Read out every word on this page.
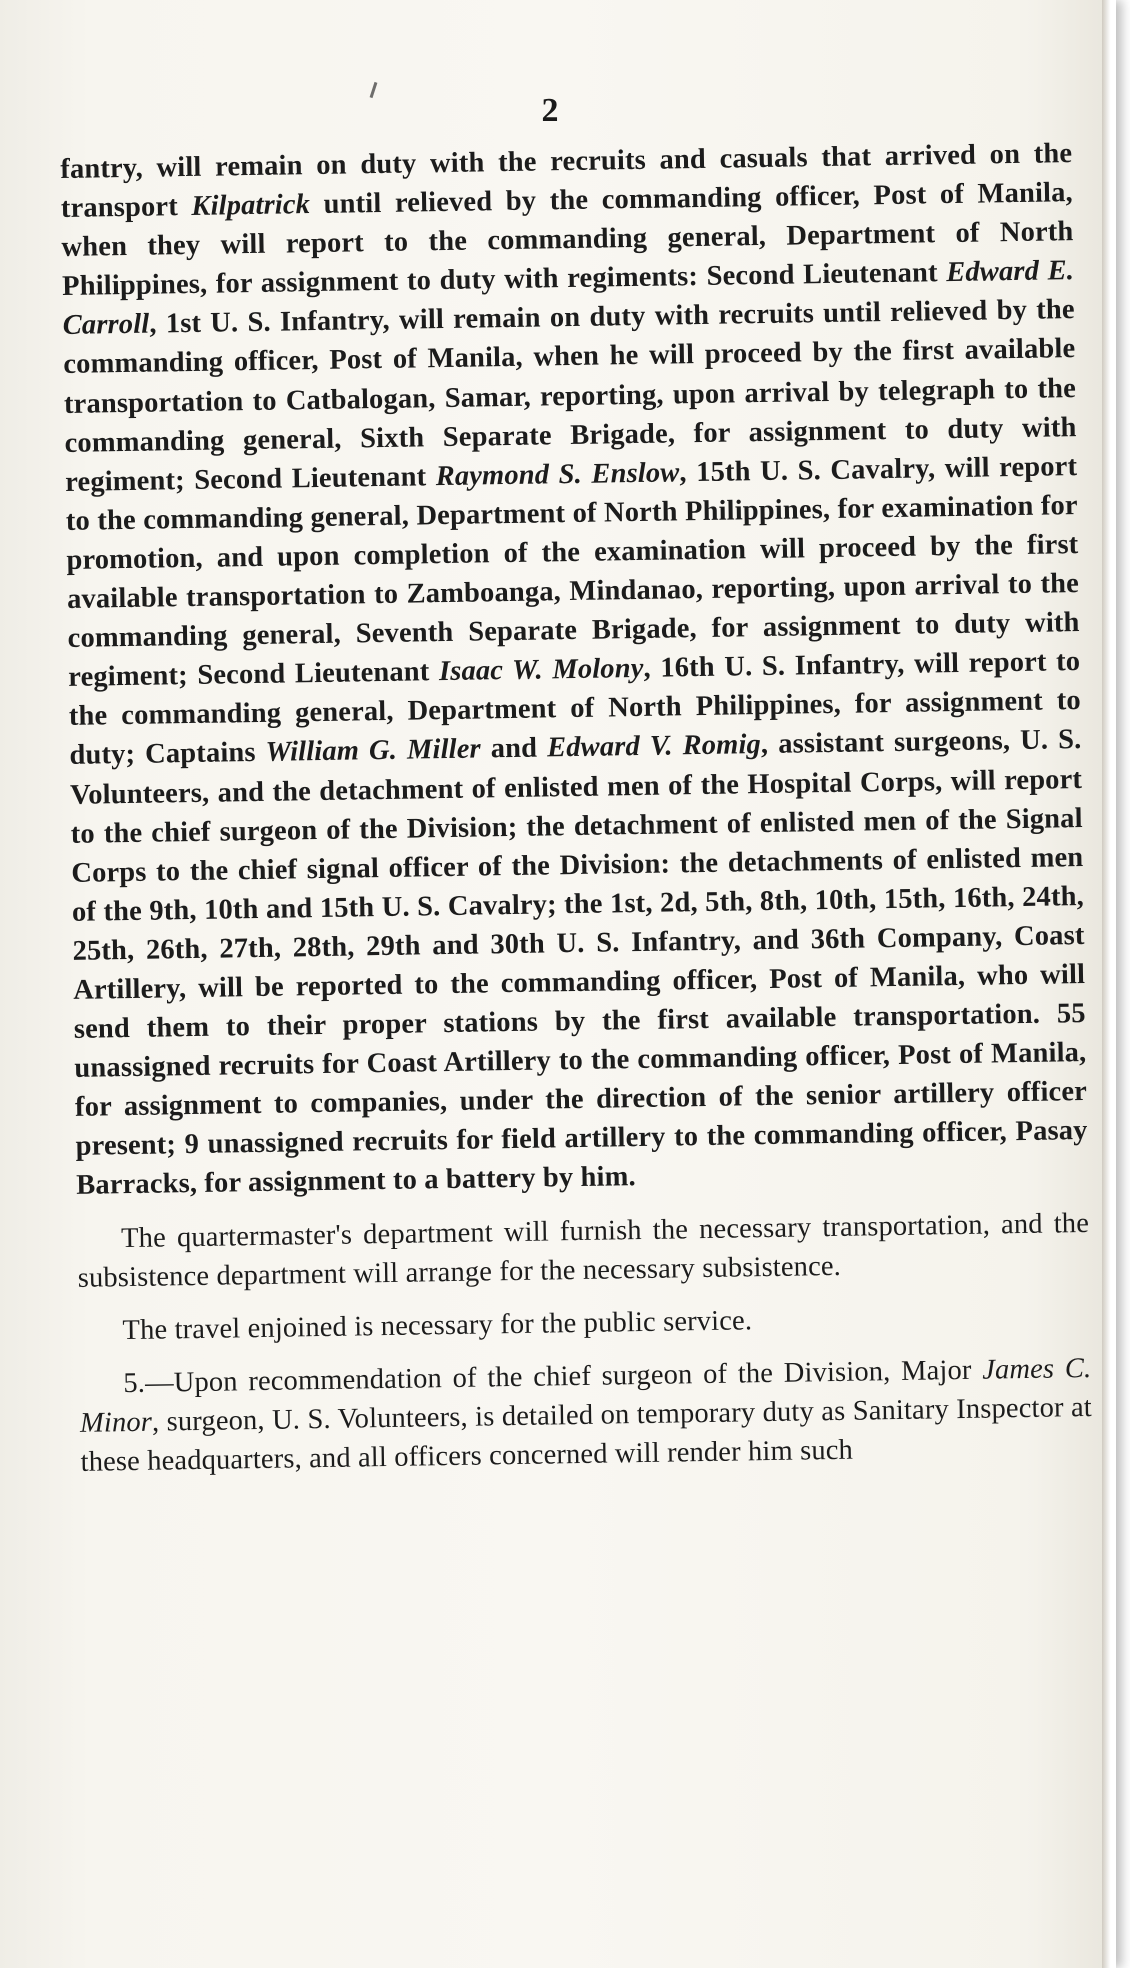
2

fantry, will remain on duty with the recruits and casuals that arrived on the transport Kilpatrick until relieved by the commanding officer, Post of Manila, when they will report to the commanding general, Department of North Philippines, for assignment to duty with regiments: Second Lieutenant Edward E. Carroll, 1st U. S. Infantry, will remain on duty with recruits until relieved by the commanding officer, Post of Manila, when he will proceed by the first available transportation to Catbalogan, Samar, reporting, upon arrival by telegraph to the commanding general, Sixth Separate Brigade, for assignment to duty with regiment; Second Lieutenant Raymond S. Enslow, 15th U. S. Cavalry, will report to the commanding general, Department of North Philippines, for examination for promotion, and upon completion of the examination will proceed by the first available transportation to Zamboanga, Mindanao, reporting, upon arrival to the commanding general, Seventh Separate Brigade, for assignment to duty with regiment; Second Lieutenant Isaac W. Molony, 16th U. S. Infantry, will report to the commanding general, Department of North Philippines, for assignment to duty; Captains William G. Miller and Edward V. Romig, assistant surgeons, U. S. Volunteers, and the detachment of enlisted men of the Hospital Corps, will report to the chief surgeon of the Division; the detachment of enlisted men of the Signal Corps to the chief signal officer of the Division: the detachments of enlisted men of the 9th, 10th and 15th U. S. Cavalry; the 1st, 2d, 5th, 8th, 10th, 15th, 16th, 24th, 25th, 26th, 27th, 28th, 29th and 30th U. S. Infantry, and 36th Company, Coast Artillery, will be reported to the commanding officer, Post of Manila, who will send them to their proper stations by the first available transportation. 55 unassigned recruits for Coast Artillery to the commanding officer, Post of Manila, for assignment to companies, under the direction of the senior artillery officer present; 9 unassigned recruits for field artillery to the commanding officer, Pasay Barracks, for assignment to a battery by him.

The quartermaster's department will furnish the necessary transportation, and the subsistence department will arrange for the necessary subsistence.

The travel enjoined is necessary for the public service.

5.—Upon recommendation of the chief surgeon of the Division, Major James C. Minor, surgeon, U. S. Volunteers, is detailed on temporary duty as Sanitary Inspector at these headquarters, and all officers concerned will render him such
